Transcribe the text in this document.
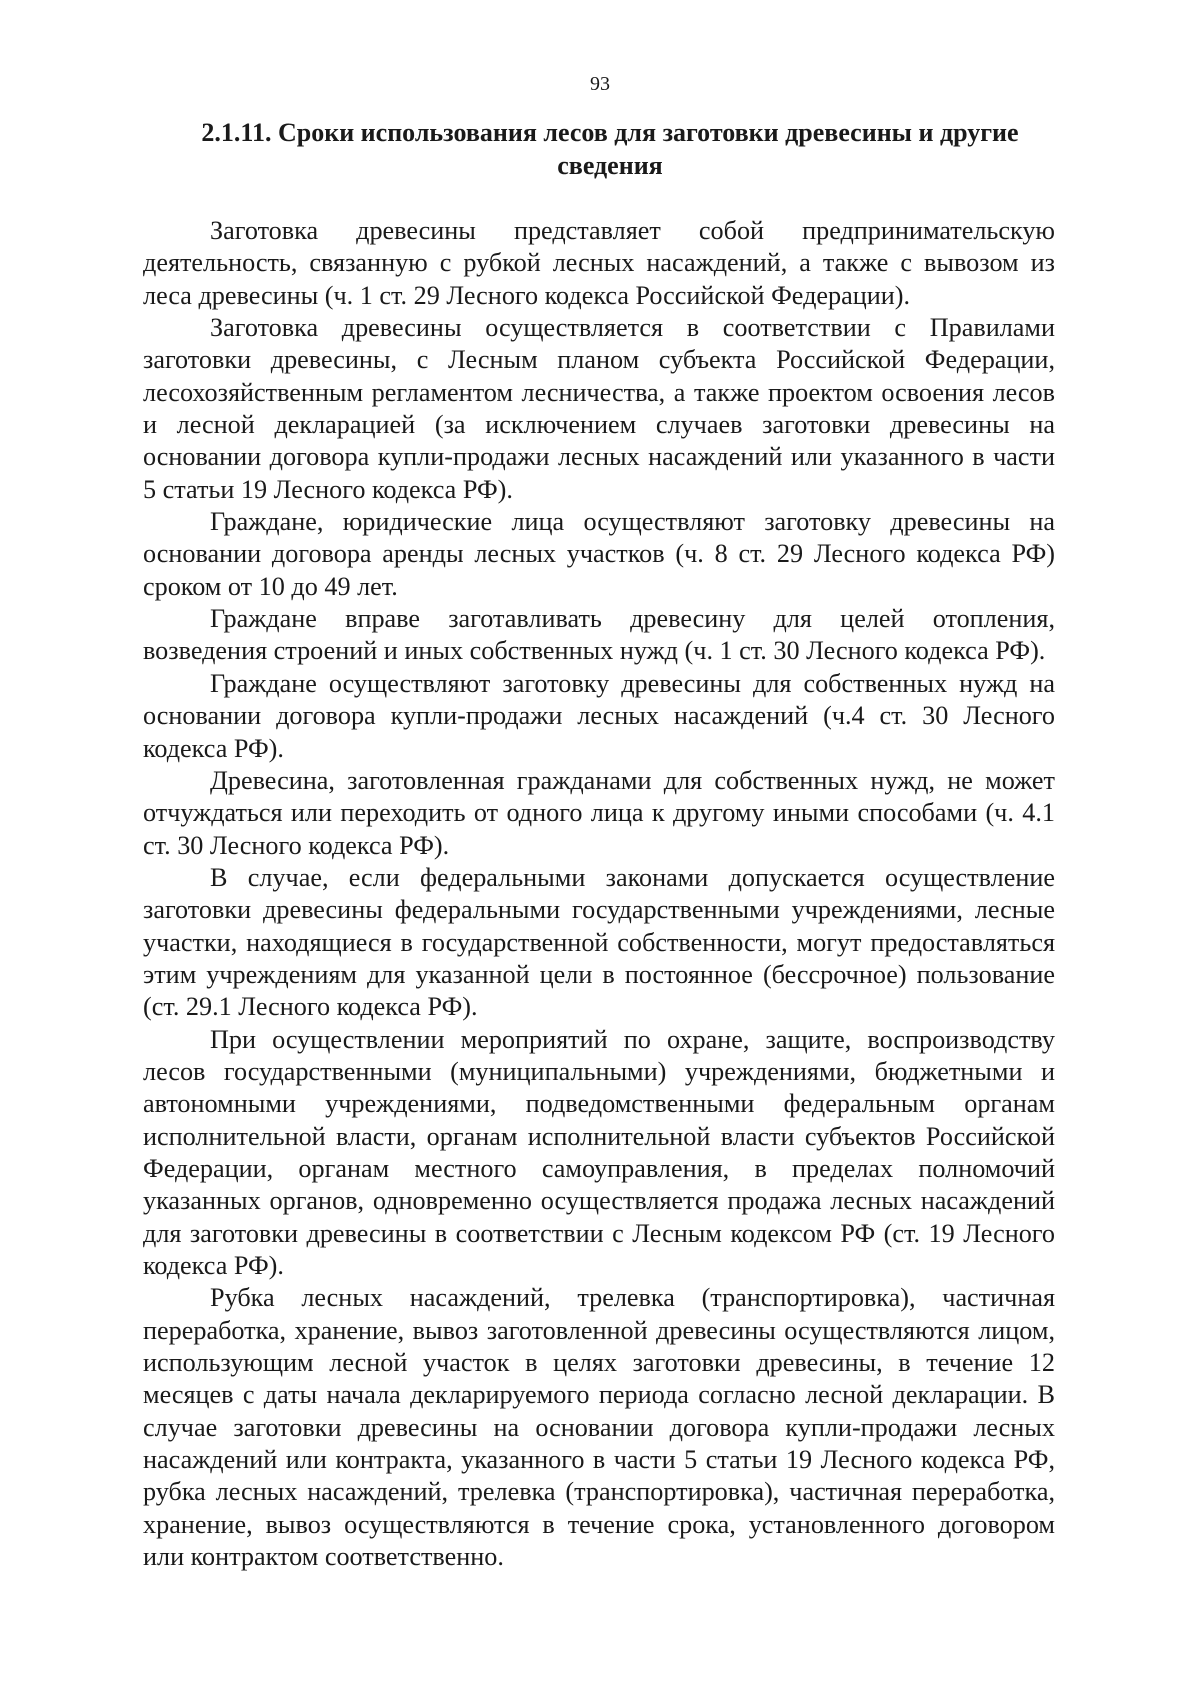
93
2.1.11. Сроки использования лесов для заготовки древесины и другие сведения

Заготовка древесины представляет собой предпринимательскую деятельность, связанную с рубкой лесных насаждений, а также с вывозом из леса древесины (ч. 1 ст. 29 Лесного кодекса Российской Федерации).

Заготовка древесины осуществляется в соответствии с Правилами заготовки древесины, с Лесным планом субъекта Российской Федерации, лесохозяйственным регламентом лесничества, а также проектом освоения лесов и лесной декларацией (за исключением случаев заготовки древесины на основании договора купли-продажи лесных насаждений или указанного в части 5 статьи 19 Лесного кодекса РФ).

Граждане, юридические лица осуществляют заготовку древесины на основании договора аренды лесных участков (ч. 8 ст. 29 Лесного кодекса РФ) сроком от 10 до 49 лет.

Граждане вправе заготавливать древесину для целей отопления, возведения строений и иных собственных нужд (ч. 1 ст. 30 Лесного кодекса РФ).

Граждане осуществляют заготовку древесины для собственных нужд на основании договора купли-продажи лесных насаждений (ч.4 ст. 30 Лесного кодекса РФ).

Древесина, заготовленная гражданами для собственных нужд, не может отчуждаться или переходить от одного лица к другому иными способами (ч. 4.1 ст. 30 Лесного кодекса РФ).

В случае, если федеральными законами допускается осуществление заготовки древесины федеральными государственными учреждениями, лесные участки, находящиеся в государственной собственности, могут предоставляться этим учреждениям для указанной цели в постоянное (бессрочное) пользование (ст. 29.1 Лесного кодекса РФ).

При осуществлении мероприятий по охране, защите, воспроизводству лесов государственными (муниципальными) учреждениями, бюджетными и автономными учреждениями, подведомственными федеральным органам исполнительной власти, органам исполнительной власти субъектов Российской Федерации, органам местного самоуправления, в пределах полномочий указанных органов, одновременно осуществляется продажа лесных насаждений для заготовки древесины в соответствии с Лесным кодексом РФ (ст. 19 Лесного кодекса РФ).

Рубка лесных насаждений, трелевка (транспортировка), частичная переработка, хранение, вывоз заготовленной древесины осуществляются лицом, использующим лесной участок в целях заготовки древесины, в течение 12 месяцев с даты начала декларируемого периода согласно лесной декларации. В случае заготовки древесины на основании договора купли-продажи лесных насаждений или контракта, указанного в части 5 статьи 19 Лесного кодекса РФ, рубка лесных насаждений, трелевка (транспортировка), частичная переработка, хранение, вывоз осуществляются в течение срока, установленного договором или контрактом соответственно.
